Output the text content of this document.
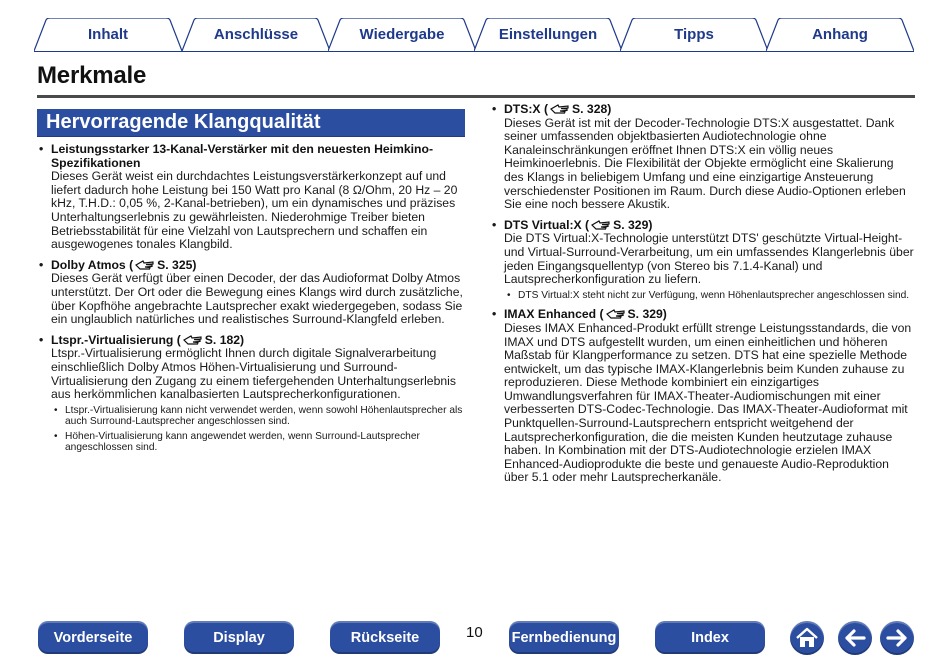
Inhalt	Anschlüsse	Wiedergabe	Einstellungen	Tipps	Anhang
Merkmale
Hervorragende Klangqualität
• Leistungsstarker 13-Kanal-Verstärker mit den neuesten Heimkino-Spezifikationen
Dieses Gerät weist ein durchdachtes Leistungsverstärkerkonzept auf und liefert dadurch hohe Leistung bei 150 Watt pro Kanal (8 Ω/Ohm, 20 Hz – 20 kHz, T.H.D.: 0,05 %, 2-Kanal-betrieben), um ein dynamisches und präzises Unterhaltungserlebnis zu gewährleisten. Niederohmige Treiber bieten Betriebsstabilität für eine Vielzahl von Lautsprechern und schaffen ein ausgewogenes tonales Klangbild.
• Dolby Atmos ( S. 325)
Dieses Gerät verfügt über einen Decoder, der das Audioformat Dolby Atmos unterstützt. Der Ort oder die Bewegung eines Klangs wird durch zusätzliche, über Kopfhöhe angebrachte Lautsprecher exakt wiedergegeben, sodass Sie ein unglaublich natürliches und realistisches Surround-Klangfeld erleben.
• Ltspr.-Virtualisierung ( S. 182)
Ltspr.-Virtualisierung ermöglicht Ihnen durch digitale Signalverarbeitung einschließlich Dolby Atmos Höhen-Virtualisierung und Surround-Virtualisierung den Zugang zu einem tiefergehenden Unterhaltungserlebnis aus herkömmlichen kanalbasierten Lautsprecherkonfigurationen.
• Ltspr.-Virtualisierung kann nicht verwendet werden, wenn sowohl Höhenlautsprecher als auch Surround-Lautsprecher angeschlossen sind.
• Höhen-Virtualisierung kann angewendet werden, wenn Surround-Lautsprecher angeschlossen sind.
• DTS:X ( S. 328)
Dieses Gerät ist mit der Decoder-Technologie DTS:X ausgestattet. Dank seiner umfassenden objektbasierten Audiotechnologie ohne Kanaleinschränkungen eröffnet Ihnen DTS:X ein völlig neues Heimkinoerlebnis. Die Flexibilität der Objekte ermöglicht eine Skalierung des Klangs in beliebigem Umfang und eine einzigartige Ansteuerung verschiedenster Positionen im Raum. Durch diese Audio-Optionen erleben Sie eine noch bessere Akustik.
• DTS Virtual:X ( S. 329)
Die DTS Virtual:X-Technologie unterstützt DTS' geschützte Virtual-Height- und Virtual-Surround-Verarbeitung, um ein umfassendes Klangerlebnis über jeden Eingangsquellentyp (von Stereo bis 7.1.4-Kanal) und Lautsprecherkonfiguration zu liefern.
• DTS Virtual:X steht nicht zur Verfügung, wenn Höhenlautsprecher angeschlossen sind.
• IMAX Enhanced ( S. 329)
Dieses IMAX Enhanced-Produkt erfüllt strenge Leistungsstandards, die von IMAX und DTS aufgestellt wurden, um einen einheitlichen und höheren Maßstab für Klangperformance zu setzen. DTS hat eine spezielle Methode entwickelt, um das typische IMAX-Klangerlebnis beim Kunden zuhause zu reproduzieren. Diese Methode kombiniert ein einzigartiges Umwandlungsverfahren für IMAX-Theater-Audiomischungen mit einer verbesserten DTS-Codec-Technologie. Das IMAX-Theater-Audioformat mit Punktquellen-Surround-Lautsprechern entspricht weitgehend der Lautsprecherkonfiguration, die die meisten Kunden heutzutage zuhause haben. In Kombination mit der DTS-Audiotechnologie erzielen IMAX Enhanced-Audioprodukte die beste und genaueste Audio-Reproduktion über 5.1 oder mehr Lautsprecherkanäle.
Vorderseite	Display	Rückseite	10 Fernbedienung	Index
